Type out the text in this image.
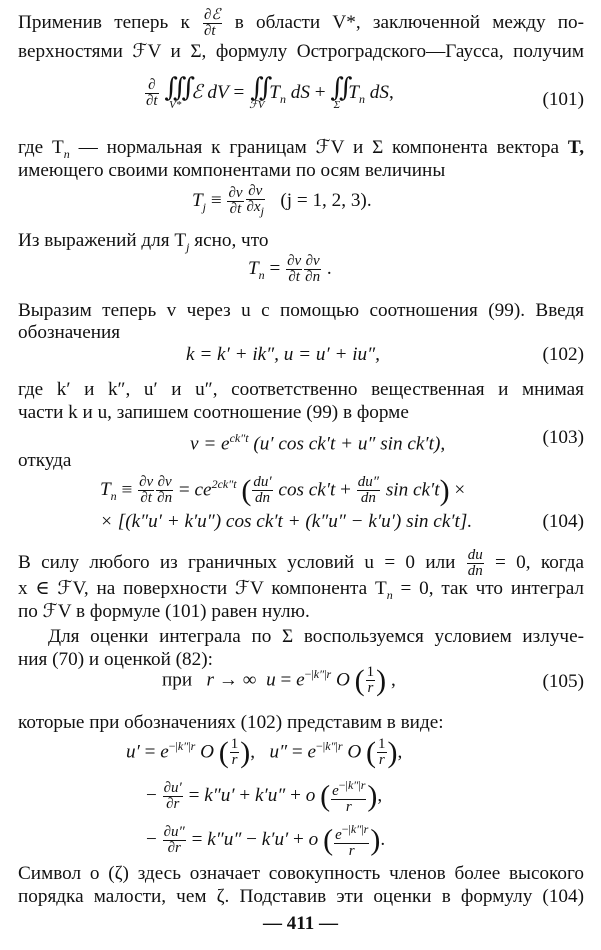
Применив теперь к $\frac{\text{∂ℰ}}{\partial t}$ в области V*, заключенной между по-
верхностями ℱV и Σ, формулу Остроградского—Гаусса, получим
$\frac{\partial}{\partial t}$
∭
V*
ℰ dV = ∬
ℱV
$T_n$ dS + ∬
Σ
$T_n$ dS,	(101)
где $T_n$ — нормальная к границам ℱV и Σ компонента вектора T,
имеющего своими компонентами по осям величины
$T_j \equiv \frac{\partial v}{\partial t} \frac{\partial v}{\partial x_j} (j = 1$, 2, 3).
Из выражений для $T_j$ ясно, что
$T_n = \frac{\partial v}{\partial t} \frac{\partial v}{\partial n}$ .
Выразим теперь v через u с помощью соотношения (99). Введя
обозначения
k = k′ + ik″, u = u′ + iu″,	(102)
где k′ и k″, u′ и u″, соответственно вещественная и мнимая
части k и u, запишем соотношение (99) в форме
$v = e^{ck''t}$ (u′ cos ck′t + u″ sin ck′t),	(103)
откуда
$T_n \equiv \frac{\partial v}{\partial t} \frac{\partial v}{\partial n} = ce^{2ck''t}$ ( $\frac{du'}{dn}$ $\cos ck't + \frac{du''}{dn}$ sin ck′t) ×
× [(k″u′ + k′u″) cos ck′t + (k″u″ − k′u′) sin ck′t].	(104)
В силу любого из граничных условий u = 0 или $\frac{du}{dn} = 0$, когда
x ∈ ℱV, на поверхности ℱV компонента $T_n = 0$, так что интеграл
по ℱV в формуле (101) равен нулю.
Для оценки интеграла по Σ воспользуемся условием излуче-
ния (70) и оценкой (82):
при r → ∞  $u = e^{-|k''|r}$ O ( $\frac{1}{r}$ ) ,	(105)
которые при обозначениях (102) представим в виде:
$u' = e^{-|k''|r}$ O ( $\frac{1}{r}$ ),   $u'' = e^{-|k''|r}$ O ( $\frac{1}{r}$ ),
− $\frac{\partial u'}{\partial r} = k''u' + k'u'' + o$ ( $\frac{e^{-|k''|r}}{r}$ ),
− $\frac{\partial u''}{\partial r} = k''u'' - k'u' + o$ ( $\frac{e^{-|k''|r}}{r}$ ).
Символ o (ζ) здесь означает совокупность членов более высокого
порядка малости, чем ζ. Подставив эти оценки в формулу (104)
— 411 —
